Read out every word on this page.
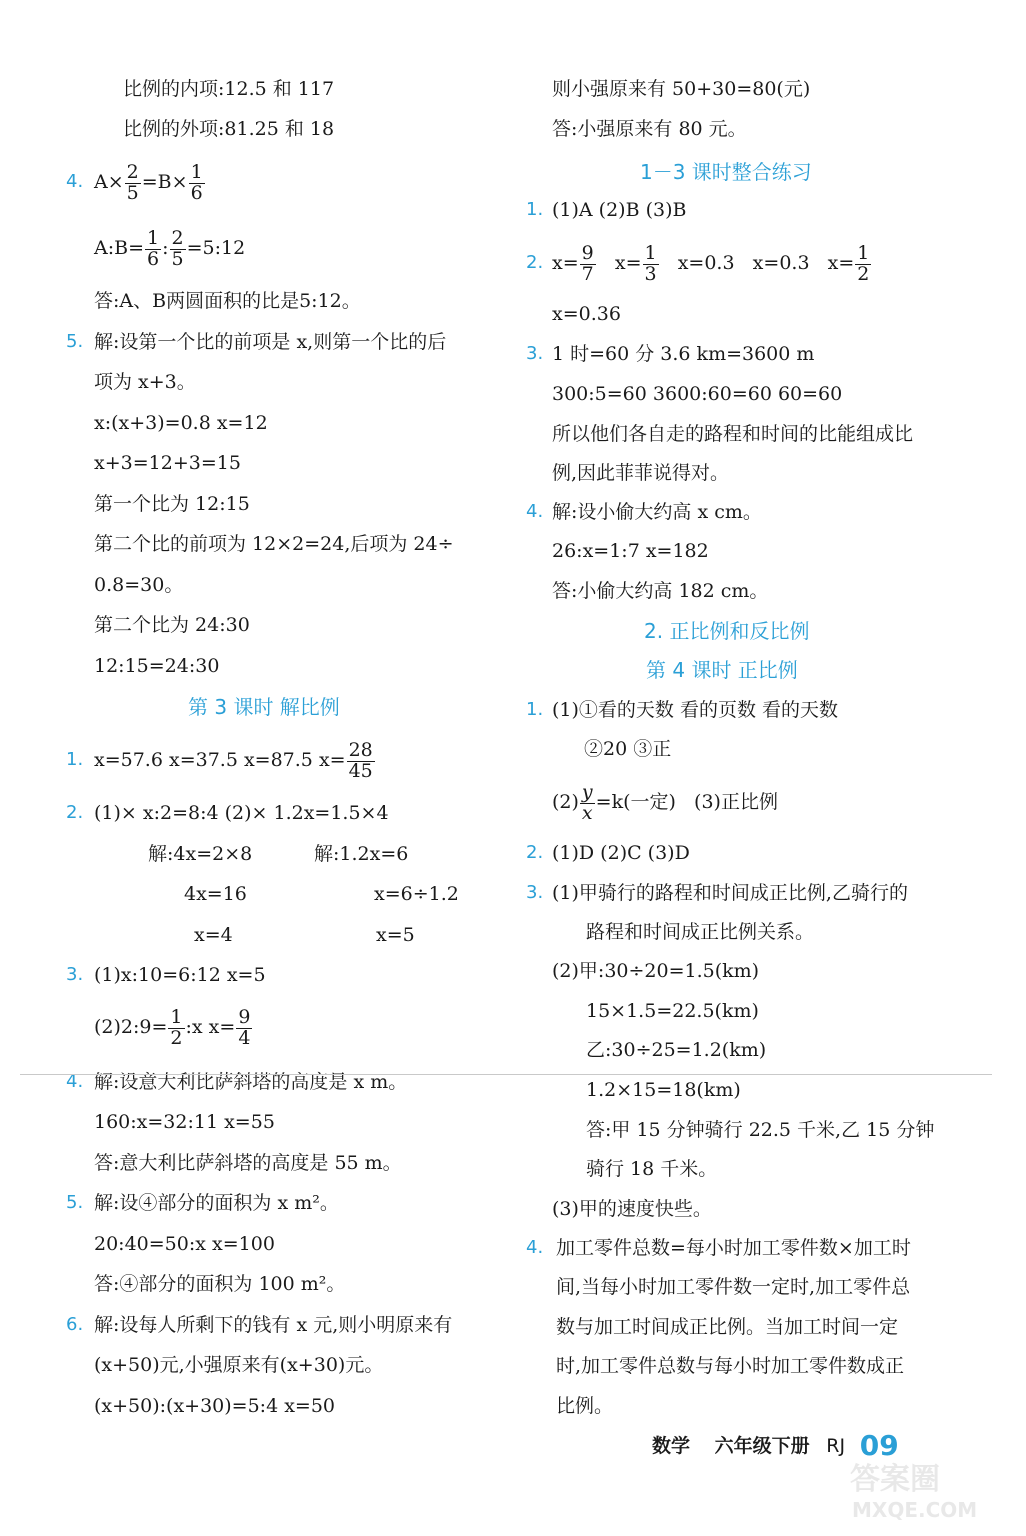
比例的内项:12.5 和 117
比例的外项:81.25 和 18
4. $A\times \frac{2}{5} =B\times \frac{1}{6}$
A:B= $\frac{1}{6}$ : $\frac{2}{5}$ =5:12
答:A、B两圆面积的比是5:12。
5. 解:设第一个比的前项是 x,则第一个比的后
项为 x+3。
x:(x+3)=0.8 x=12
x+3=12+3=15
第一个比为 12:15
第二个比的前项为 12×2=24,后项为 24÷
0.8=30。
第二个比为 24:30
12:15=24:30
第 3 课时 解比例
1. x=57.6 x=37.5 x=87.5 $x= \frac{28}{45}$
2. (1)× x:2=8:4 (2)× 1.2x=1.5×4
解:4x=2×8	解:1.2x=6
4x=16	x=6÷1.2
x=4	x=5
3. (1)x:10=6:12 x=5
(2)2:9= $\frac{1}{2}$ :x $x= \frac{9}{4}$
4. 解:设意大利比萨斜塔的高度是 x m。
160:x=32:11 x=55
答:意大利比萨斜塔的高度是 55 m。
5. 解:设④部分的面积为 x m²。
20:40=50:x x=100
答:④部分的面积为 100 m²。
6. 解:设每人所剩下的钱有 x 元,则小明原来有
(x+50)元,小强原来有(x+30)元。
(x+50):(x+30)=5:4 x=50
则小强原来有 50+30=80(元)
答:小强原来有 80 元。
1－3 课时整合练习
1. (1)A (2)B (3)B
2. $x= \frac{9}{7} x= \frac{1}{3} x=0.3$   x=0.3   $x= \frac{1}{2}$
x=0.36
3. 1 时=60 分 3.6 km=3600 m
300:5=60 3600:60=60 60=60
所以他们各自走的路程和时间的比能组成比
例,因此菲菲说得对。
4. 解:设小偷大约高 x cm。
26:x=1:7 x=182
答:小偷大约高 182 cm。
2. 正比例和反比例
第 4 课时 正比例
1. (1)①看的天数 看的页数 看的天数
②20 ③正
$(2) \frac{y}{x} =k$(一定)   (3)正比例
2. (1)D (2)C (3)D
3. (1)甲骑行的路程和时间成正比例,乙骑行的
路程和时间成正比例关系。
(2)甲:30÷20=1.5(km)
15×1.5=22.5(km)
乙:30÷25=1.2(km)
1.2×15=18(km)
答:甲 15 分钟骑行 22.5 千米,乙 15 分钟
骑行 18 千米。
(3)甲的速度快些。
4. 加工零件总数=每小时加工零件数×加工时
间,当每小时加工零件数一定时,加工零件总
数与加工时间成正比例。当加工时间一定
时,加工零件总数与每小时加工零件数成正
比例。
数学 六年级下册 RJ 09
答案圈
MXQE.COM
